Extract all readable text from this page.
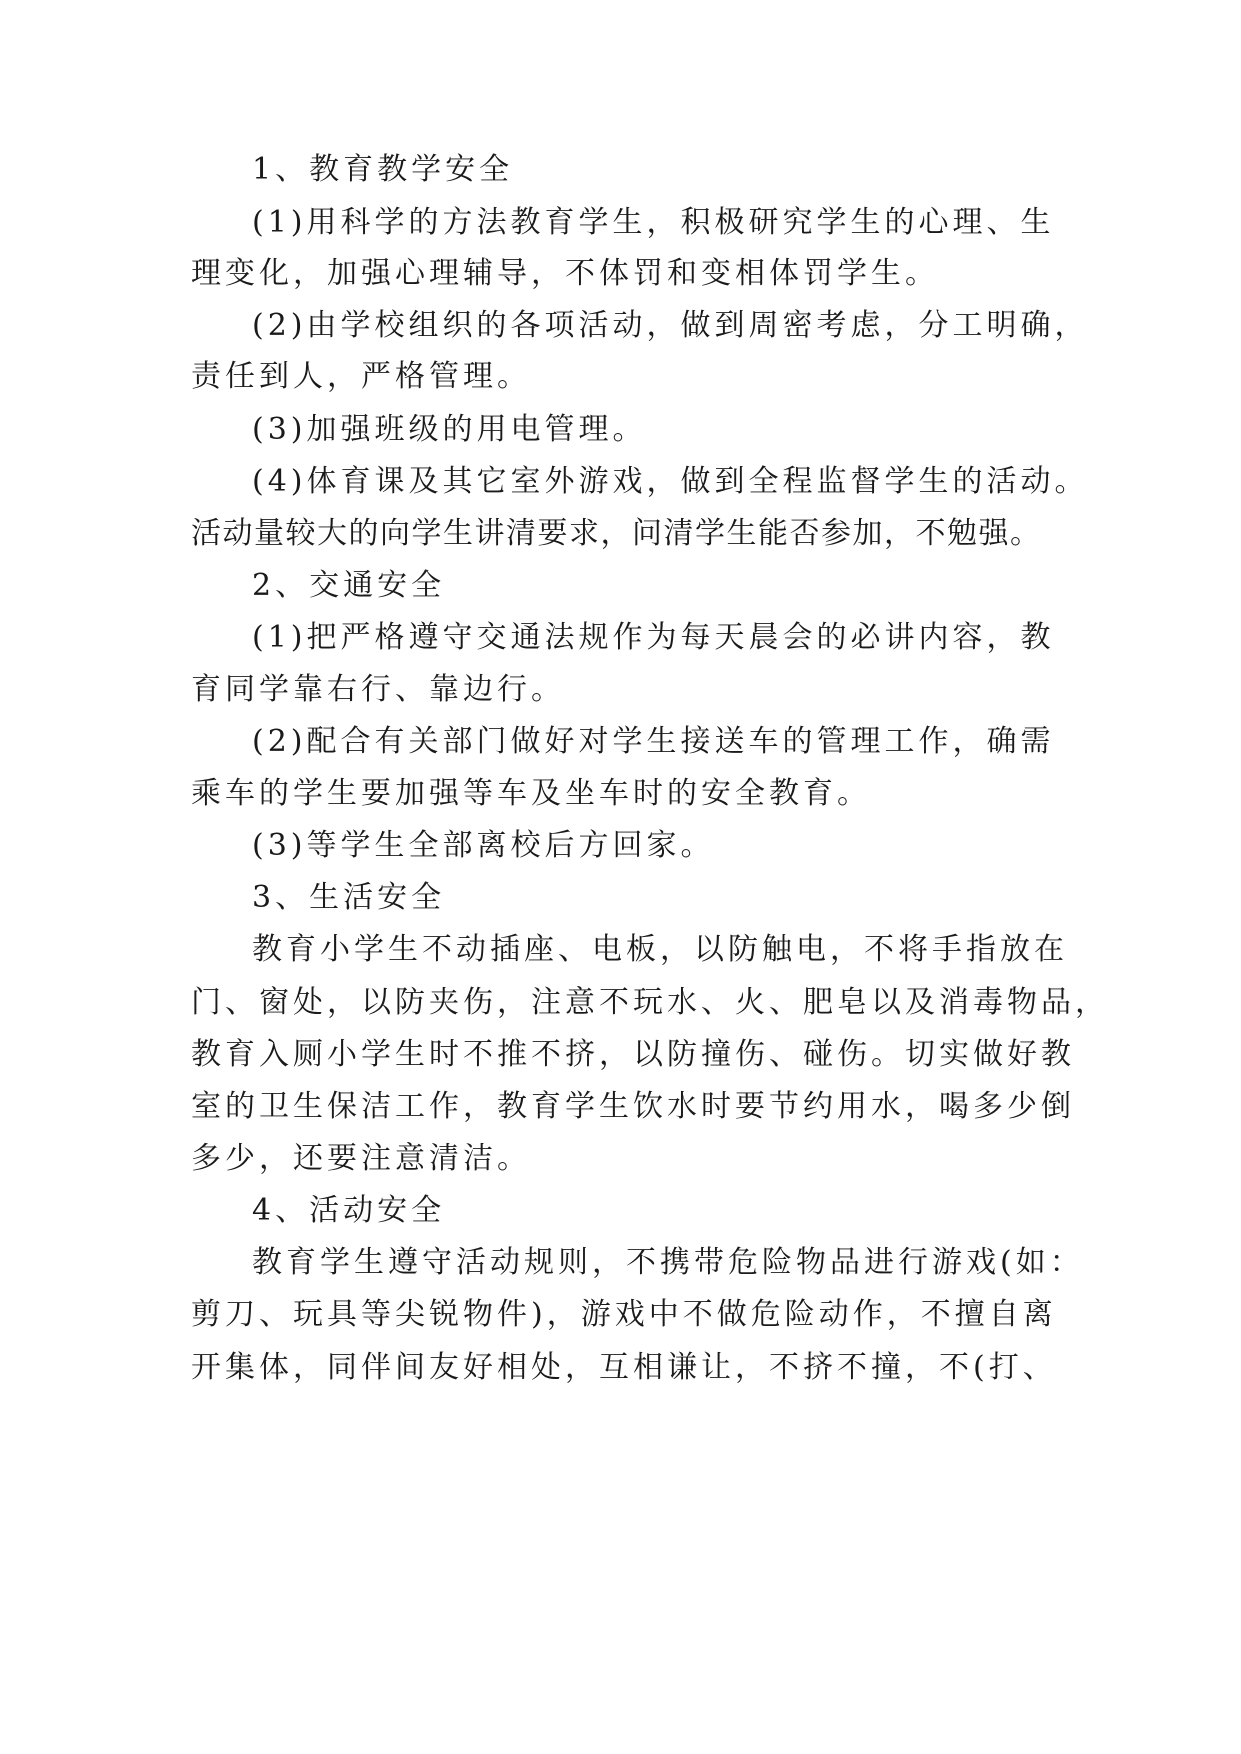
1、教育教学安全
(1)用科学的方法教育学生，积极研究学生的心理、生
理变化，加强心理辅导，不体罚和变相体罚学生。
(2)由学校组织的各项活动，做到周密考虑，分工明确，
责任到人，严格管理。
(3)加强班级的用电管理。
(4)体育课及其它室外游戏，做到全程监督学生的活动。
活动量较大的向学生讲清要求，问清学生能否参加，不勉强。
2、交通安全
(1)把严格遵守交通法规作为每天晨会的必讲内容，教
育同学靠右行、靠边行。
(2)配合有关部门做好对学生接送车的管理工作，确需
乘车的学生要加强等车及坐车时的安全教育。
(3)等学生全部离校后方回家。
3、生活安全
教育小学生不动插座、电板，以防触电，不将手指放在
门、窗处，以防夹伤，注意不玩水、火、肥皂以及消毒物品，
教育入厕小学生时不推不挤，以防撞伤、碰伤。切实做好教
室的卫生保洁工作，教育学生饮水时要节约用水，喝多少倒
多少，还要注意清洁。
4、活动安全
教育学生遵守活动规则，不携带危险物品进行游戏(如：
剪刀、玩具等尖锐物件)，游戏中不做危险动作，不擅自离
开集体，同伴间友好相处，互相谦让，不挤不撞，不(打、
